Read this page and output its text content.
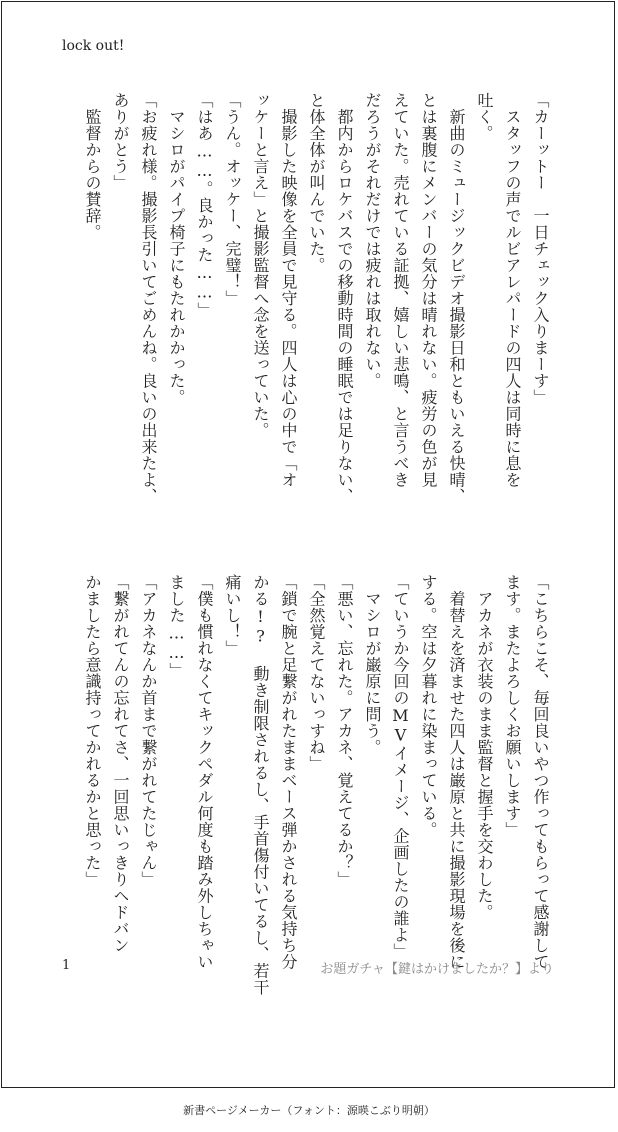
lock out!
「カーットー　一日チェック入りまーす」
　スタッフの声でルビアレパードの四人は同時に息を
吐く。
　新曲のミュージックビデオ撮影日和ともいえる快晴、
とは裏腹にメンバーの気分は晴れない。疲労の色が見
えていた。売れている証拠、嬉しい悲鳴、と言うべき
だろうがそれだけでは疲れは取れない。
　都内からロケバスでの移動時間の睡眠では足りない、
と体全体が叫んでいた。
　撮影した映像を全員で見守る。四人は心の中で「オ
ッケーと言え」と撮影監督へ念を送っていた。
「うん。オッケー、完璧！」
「はあ……。良かった……」
　マシロがパイプ椅子にもたれかかった。
「お疲れ様。撮影長引いてごめんね。良いの出来たよ、
ありがとう」
　監督からの賛辞。
「こちらこそ、毎回良いやつ作ってもらって感謝して
ます。またよろしくお願いします」
　アカネが衣装のまま監督と握手を交わした。
　着替えを済ませた四人は巌原と共に撮影現場を後に
する。空は夕暮れに染まっている。
「ていうか今回のMVイメージ、企画したの誰よ」
　マシロが巌原に問う。
「悪い、忘れた。アカネ、覚えてるか？」
「全然覚えてないっすね」
「鎖で腕と足繋がれたままベース弾かされる気持ち分
かる!? 動き制限されるし、手首傷付いてるし、若干
痛いし！」
「僕も慣れなくてキックペダル何度も踏み外しちゃい
ました……」
「アカネなんか首まで繋がれてたじゃん」
「繋がれてんの忘れてさ、一回思いっきりヘドバン
かましたら意識持ってかれるかと思った」
1	お題ガチャ【鍵はかけましたか？】より
新書ページメーカー（フォント：源暎こぶり明朝）
